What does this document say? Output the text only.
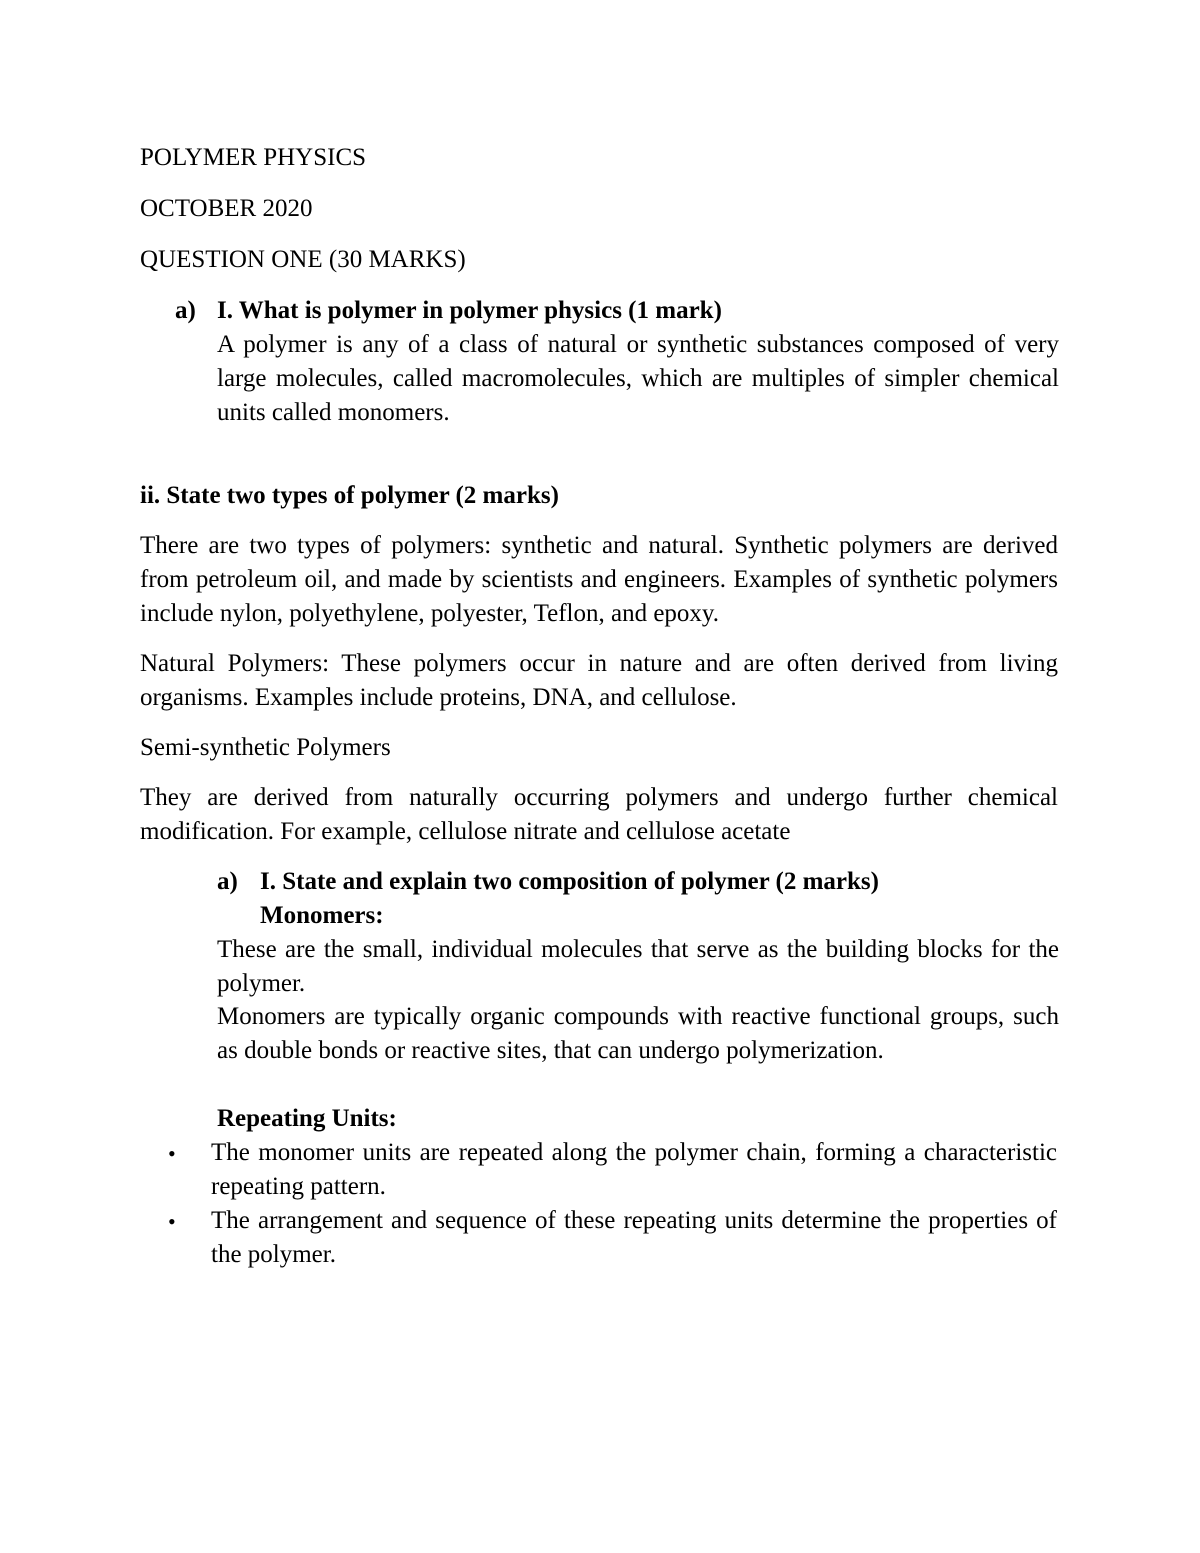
POLYMER PHYSICS
OCTOBER 2020
QUESTION ONE (30 MARKS)
a) I. What is polymer in polymer physics (1 mark)
A polymer is any of a class of natural or synthetic substances composed of very large molecules, called macromolecules, which are multiples of simpler chemical units called monomers.
ii. State two types of polymer (2 marks)
There are two types of polymers: synthetic and natural. Synthetic polymers are derived from petroleum oil, and made by scientists and engineers. Examples of synthetic polymers include nylon, polyethylene, polyester, Teflon, and epoxy.
Natural Polymers: These polymers occur in nature and are often derived from living organisms. Examples include proteins, DNA, and cellulose.
Semi-synthetic Polymers
They are derived from naturally occurring polymers and undergo further chemical modification. For example, cellulose nitrate and cellulose acetate
a) I. State and explain two composition of polymer (2 marks)
Monomers:
These are the small, individual molecules that serve as the building blocks for the polymer.
Monomers are typically organic compounds with reactive functional groups, such as double bonds or reactive sites, that can undergo polymerization.
Repeating Units:
• The monomer units are repeated along the polymer chain, forming a characteristic repeating pattern.
• The arrangement and sequence of these repeating units determine the properties of the polymer.
